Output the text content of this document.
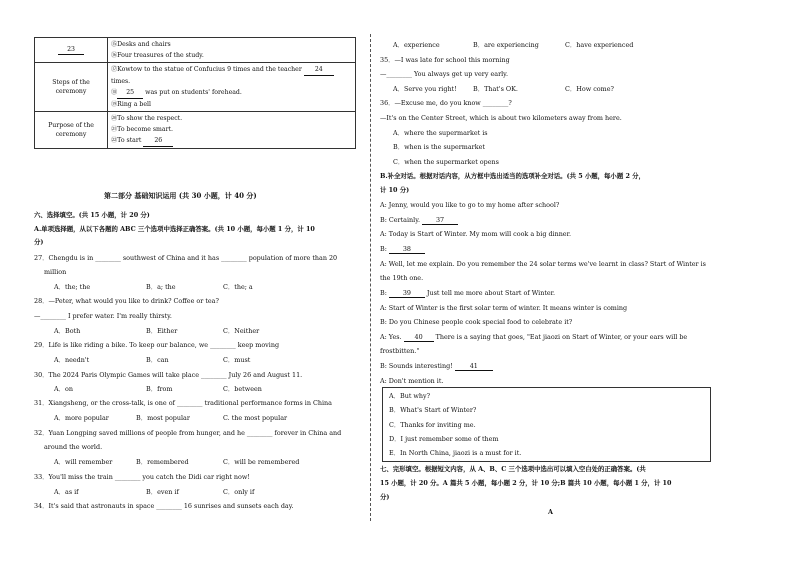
23	⑮Desks and chairs
⑯Four treasures of the study.

Steps of the ceremony	⑰Kowtow to the statue of Confucius 9 times and the teacher 24
times.
⑱ 25 was put on students' forehead.
⑲Ring a bell

Purpose of the
ceremony	⑳To show the respect.
㉑To become smart.
㉒To start 26
第二部分 基础知识运用 (共 30 小题，计 40 分)
六、选择填空。(共 15 小题，计 20 分)
A.单项选择题，从以下各题的 ABC 三个选项中选择正确答案。(共 10 小题，每小题 1 分，计 10
分)
27．Chengdu is in ________ southwest of China and it has ________ population of more than 20
million
A．the; the	B．a; the	C．the; a
28．—Peter, what would you like to drink? Coffee or tea?
—________ I prefer water. I'm really thirsty.
A．Both	B．Either	C．Neither
29．Life is like riding a bike. To keep our balance, we ________ keep moving
A．needn't	B．can	C．must
30．The 2024 Paris Olympic Games will take place ________ July 26 and August 11.
A．on	B．from	C．between
31．Xiangsheng, or the cross-talk, is one of ________ traditional performance forms in China
A．more popular	B．most popular	C. the most popular
32．Yuan Longping saved millions of people from hunger, and he ________ forever in China and
around the world.
A．will remember	B．remembered	C．will be remembered
33．You'll miss the train ________ you catch the Didi car right now!
A．as if	B．even if	C．only if
34．It's said that astronauts in space ________ 16 sunrises and sunsets each day.
A．experience	B．are experiencing	C．have experienced
35．—I was late for school this morning
—________ You always get up very early.
A．Serve you right!	B．That's OK.	C．How come?
36．—Excuse me, do you know ________?
—It's on the Center Street, which is about two kilometers away from here.
A．where the supermarket is
B．when is the supermarket
C．when the supermarket opens
B.补全对话。根据对话内容，从方框中选出适当的选项补全对话。(共 5 小题，每小题 2 分，
计 10 分)
A: Jenny, would you like to go to my home after school?
B: Certainly. 37
A: Today is Start of Winter. My mom will cook a big dinner.
B: 38
A: Well, let me explain. Do you remember the 24 solar terms we've learnt in class? Start of Winter is
the 19th one.
B: 39 Just tell me more about Start of Winter.
A: Start of Winter is the first solar term of winter. It means winter is coming
B: Do you Chinese people cook special food to celebrate it?
A: Yes. 40 There is a saying that goes, "Eat jiaozi on Start of Winter, or your ears will be
frostbitten."
B: Sounds interesting! 41
A: Don't mention it.
A．But why?
B．What's Start of Winter?
C．Thanks for inviting me.
D．I just remember some of them
E．In North China, jiaozi is a must for it.
七、完形填空。根据短文内容，从 A、B、C 三个选项中选出可以填入空白处的正确答案。(共
15 小题，计 20 分。A 篇共 5 小题，每小题 2 分，计 10 分;B 篇共 10 小题，每小题 1 分，计 10
分)
A
